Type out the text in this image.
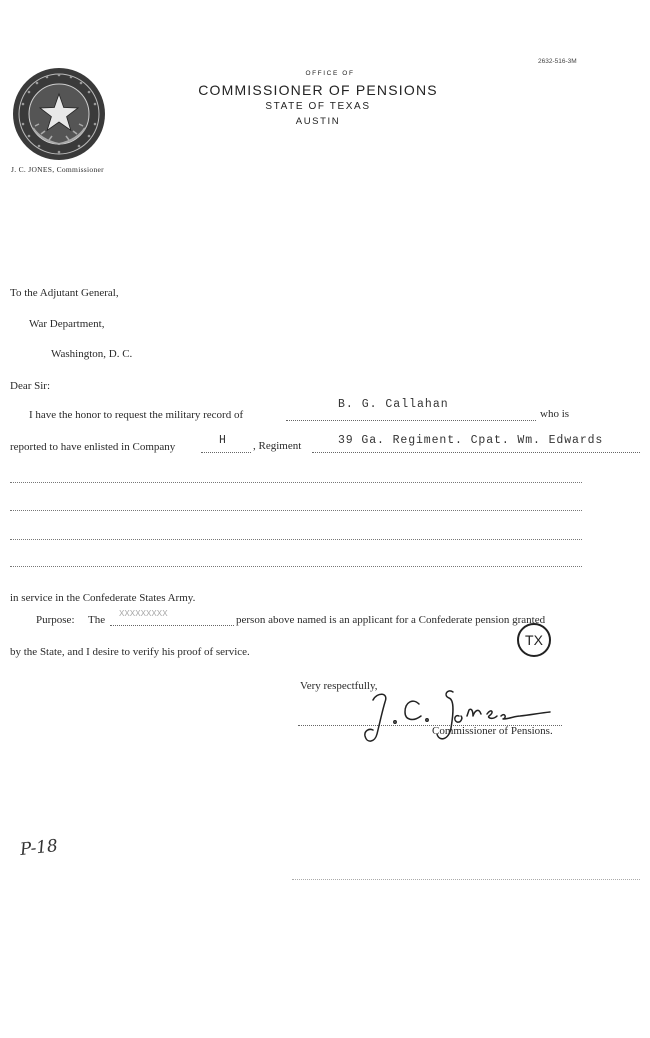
2632-516-3M
J. C. JONES, Commissioner
OFFICE OF
COMMISSIONER OF PENSIONS
STATE OF TEXAS
AUSTIN
To the Adjutant General,
War Department,
Washington, D. C.
Dear Sir:
I have the honor to request the military record of
B. G. Callahan
who is
reported to have enlisted in Company	H , Regiment	39 Ga. Regiment. Cpat. Wm. Edwards
in service in the Confederate States Army.
Purpose: The XXXXXXXXX	person above named is an applicant for a Confederate pension granted
TX
by the State, and I desire to verify his proof of service.
Very respectfully,
Commissioner of Pensions.
P-18
